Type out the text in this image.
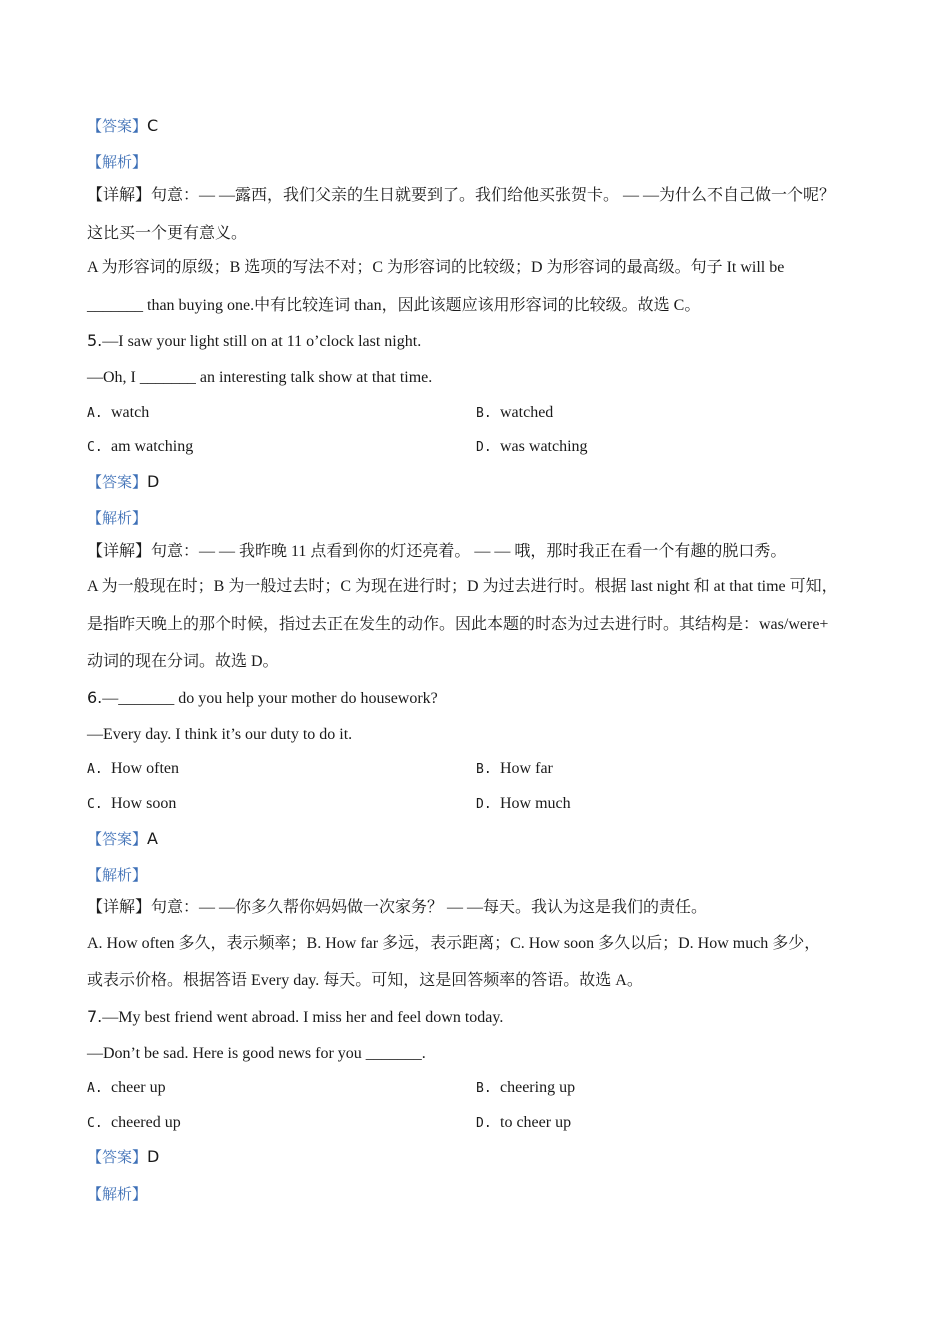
【答案】C
【解析】
【详解】句意：— —露西，我们父亲的生日就要到了。我们给他买张贺卡。 — —为什么不自己做一个呢？
这比买一个更有意义。
A 为形容词的原级；B 选项的写法不对；C 为形容词的比较级；D 为形容词的最高级。句子 It will be
_______ than buying one.中有比较连词 than，因此该题应该用形容词的比较级。故选 C。
5.—I saw your light still on at 11 o’clock last night.
—Oh, I _______ an interesting talk show at that time.
A. watch	B. watched
C. am watching	D. was watching
【答案】D
【解析】
【详解】句意：— — 我昨晚 11 点看到你的灯还亮着。 — — 哦，那时我正在看一个有趣的脱口秀。
A 为一般现在时；B 为一般过去时；C 为现在进行时；D 为过去进行时。根据 last night 和 at that time 可知，
是指昨天晚上的那个时候，指过去正在发生的动作。因此本题的时态为过去进行时。其结构是：was/were+
动词的现在分词。故选 D。
6.—_______ do you help your mother do housework?
—Every day. I think it’s our duty to do it.
A. How often	B. How far
C. How soon	D. How much
【答案】A
【解析】
【详解】句意：— —你多久帮你妈妈做一次家务？ — —每天。我认为这是我们的责任。
A. How often 多久，表示频率；B. How far 多远，表示距离；C. How soon 多久以后；D. How much 多少，
或表示价格。根据答语 Every day. 每天。可知，这是回答频率的答语。故选 A。
7.—My best friend went abroad. I miss her and feel down today.
—Don’t be sad. Here is good news for you _______.
A. cheer up	B. cheering up
C. cheered up	D. to cheer up
【答案】D
【解析】
